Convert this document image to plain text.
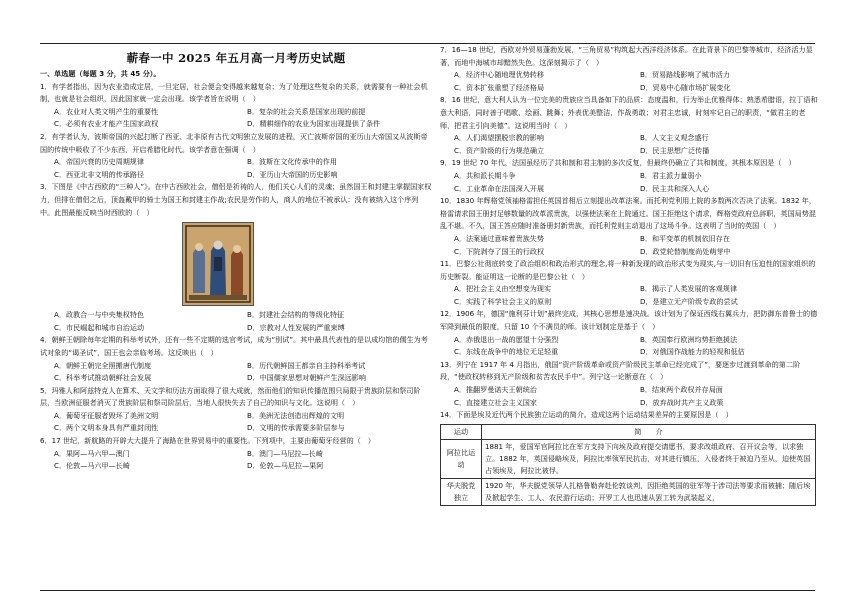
蕲春一中 2025 年五月高一月考历史试题
一、单选题（每题 3 分，共 45 分）。
1．有学者指出，因为农业造成定居，一旦定居，社会便会变得越来越复杂；为了处理这些复杂的关系，就需要有一种社会机制，也就是社会组织，因此国家就一定会出现。该学者旨在说明（　）
A．农业对人类文明产生的重要性	B．复杂的社会关系是国家出现的前提
C．必须有农业才能产生国家政权	D．精耕细作的农业为国家出现提供了条件
2．有学者认为，波斯帝国的兴起打断了西亚、北非原有古代文明独立发展的进程，灭亡波斯帝国的亚历山大帝国又从波斯帝国的传统中吸收了不少东西，开启希腊化时代。该学者意在强调（　）
A．帝国兴衰的历史周期规律	B．波斯在文化传承中的作用
C．西亚北非文明的传承路径	D．亚历山大帝国的历史影响
3．下图是《中古西欧的“三种人”》。在中古西欧社会，僧侣是祈祷的人，他们关心人们的灵魂；虽然国王和封建主掌握国家权力，但排在僧侣之后，顶盔戴甲的骑士为国王和封建主作战;农民是劳作的人，商人的地位不被承认：没有被纳入这个序列中。此图最能反映当时西欧的（　）
A．政教合一与中央集权特色	B．封建社会结构的等级化特征
C．市民崛起和城市自治运动	D．宗教对人性发展的严重束缚
4．朝鲜王朝除每年定期的科举考试外，还有一些不定期的选官考试，成为“别试”。其中最具代表性的是以成均馆的儒生为考试对象的“谒圣试”，国王也会亲临考场。这反映出（　）
A．朝鲜王朝完全照搬唐代制度	B．历代朝鲜国王都亲自主持科举考试
C．科举考试推动朝鲜社会发展	D．中国儒家思想对朝鲜产生深远影响
5．玛雅人和阿兹特克人在算术、天文学和历法方面取得了很大成就，然而他们的知识传播范围只局限于贵族阶层和祭司阶层，当欧洲征服者消灭了贵族阶层和祭司阶层后，当地人很快失去了自己的知识与文化。这说明（　）
A．葡萄牙征服者毁坏了美洲文明	B．美洲无法创造出辉煌的文明
C．两个文明本身具有严重封闭性	D．文明的传承需要多阶层参与
6．17 世纪，新航路的开辟大大提升了海路在世界贸易中的重要性。下列项中，主要由葡萄牙经营的（　）
A．果阿—马六甲—澳门	B．澳门—马尼拉—长崎
C．伦敦—马六甲—长崎	D．伦敦—马尼拉—果阿
7．16—18 世纪，西欧对外贸易蓬勃发展，“三角贸易”构筑起大西洋经济体系。在此背景下的巴黎等城市，经济活力显著，而地中海城市却黯然失色。这深刻揭示了（　）
A．经济中心随地理优势转移	B．贸易路线影响了城市活力
C．资本扩张重塑了经济格局	D．贸易中心随市场扩展变化
8．16 世纪，意大利人认为一位完美的贵族应当具备如下的品质：态度温和，行为举止优雅得体；熟悉希腊语，拉丁语和意大利语，同时善于唱歌、绘画、跳舞；外表优美整洁，作战勇敢；对君主忠诚，时刻牢记自己的职责，“做君主的老师，把君主引向美德”。这说明当时（　）
A．人们渴望摆脱宗教的影响	B．人文主义观念盛行
C．资产阶级的行为规范确立	D．民主思想广泛传播
9．19 世纪 70 年代，法国虽经历了共和制和君主制的多次反复，但最终仍确立了共和制度，其根本原因是（　）
A．共和派长期斗争	B．君主派力量弱小
C．工业革命在法国深入开展	D．民主共和深入人心
10．1830 年辉格党领袖格雷担任英国首相后立刻提出改革法案。而托利党利用上院的多数两次否决了法案。1832 年，格雷请求国王册封足够数量的改革派贵族，以强使法案在上院通过。国王拒绝这个请求，辉格党政府总辞职，英国局势混乱不堪。不久，国王答应随时准备册封新贵族，而托利党则主动退出了这场斗争。这表明了当时的英国（　）
A．法案通过意味着贵族失势	B．和平变革的机制依旧存在
C．下院剥夺了国王的行政权	D．政党轮替制度尚处萌芽中
11．巴黎公社彻底转变了政治组织和政治形式的理念,将一种新发现的政治形式变为现实,与一切旧有压迫性的国家组织的历史断裂。能证明这一论断的是巴黎公社（　）
A．把社会主义由空想变为现实	B．揭示了人类发展的客观规律
C．实践了科学社会主义的原则	D．是建立无产阶级专政的尝试
12．1906 年，德国“施利芬计划”最终完成，其核心思想是速决战。该计划为了保证西线右翼兵力，把防御东普鲁士的德军降到最低的限度，只留 10 个不满员的师。该计划制定是基于（　）
A．赤俄退出一战的愿望十分强烈	B．英国奉行欧洲均势拒绝援法
C．东线在战争中的地位无足轻重	D．对俄国作战能力的轻视和低估
13．列宁在 1917 年 4 月指出，俄国“资产阶级革命或资产阶级民主革命已经完成了”，要逐步过渡到革命的第二阶段，“使政权转移到无产阶级和贫苦农民手中”。列宁这一论断意在（　）
A．推翻罗曼诺夫王朝统治	B．结束两个政权并存局面
C．直接建立社会主义国家	D．放弃战时共产主义政策
14．下面是埃及近代两个民族独立运动的简介。造成这两个运动结果差异的主要原因是（　）
运动	简　　介
阿拉比运动	1881 年，爱国军官阿拉比在军方支持下向埃及政府提交请愿书，要求改组政府、召开议会等，以求独立。1882 年，英国侵略埃及，阿拉比率领军民抗击，对其进行镇压，入侵者终于被迫乃至从，迫使英国占领埃及，阿拉比被俘。
华夫脱党独立	1920 年，华夫脱党领导人扎格鲁勒奔赴伦敦谈判，因拒绝英国的驻军等于涉司法等要求而被捕；随后埃及掀起学生、工人、农民游行运动；开罗工人也迅速从罢工转为武装起义，
